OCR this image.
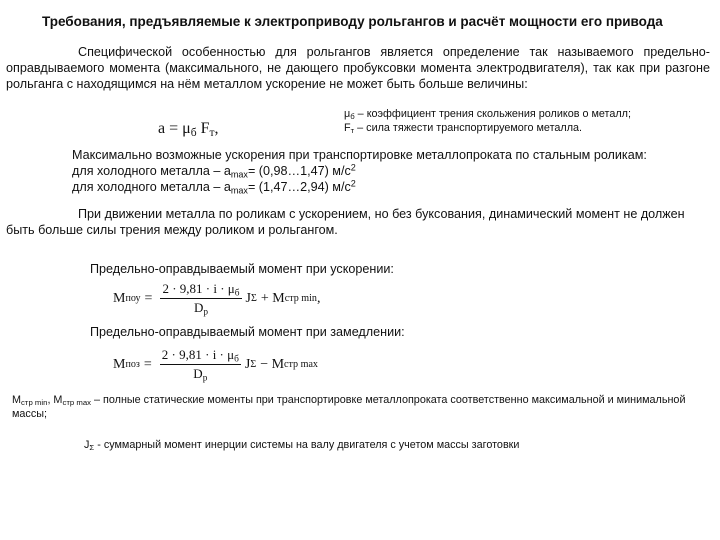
Требования, предъявляемые к электроприводу рольгангов и расчёт мощности его привода
Специфической особенностью для рольгангов является определение так называемого предельно-оправдываемого момента (максимального, не дающего пробуксовки момента электродвигателя), так как при разгоне рольганга с находящимся на нём металлом ускорение не может быть больше величины:
$a = \mu_б$ $F_т$,
$\mu_б$ – коэффициент трения скольжения роликов о металл;
$F_т$ – сила тяжести транспортируемого металла.
Максимально возможные ускорения при транспортировке металлопроката по стальным роликам:
для холодного металла – $a_{max}=$ (0,98…1,47) $м/с^2$
для холодного металла – $a_{max}=$ (1,47…2,94) $м/с^2$
При движении металла по роликам с ускорением, но без буксования, динамический момент не должен быть больше силы трения между роликом и рольгангом.
Предельно-оправдываемый момент при ускорении:
M поу = $\frac{2 \cdot 9,81 \cdot i \cdot \mu_б}{D_p}$ J Σ + M стр min ,
Предельно-оправдываемый момент при замедлении:
M поз = $\frac{2 \cdot 9,81 \cdot i \cdot \mu_б}{D_p}$ J Σ − M стр max
$M_{стр min}$, $M_{стр max}$ – полные статические моменты при транспортировке металлопроката соответственно максимальной и минимальной массы;
$J_\Sigma$ - суммарный момент инерции системы на валу двигателя с учетом массы заготовки
